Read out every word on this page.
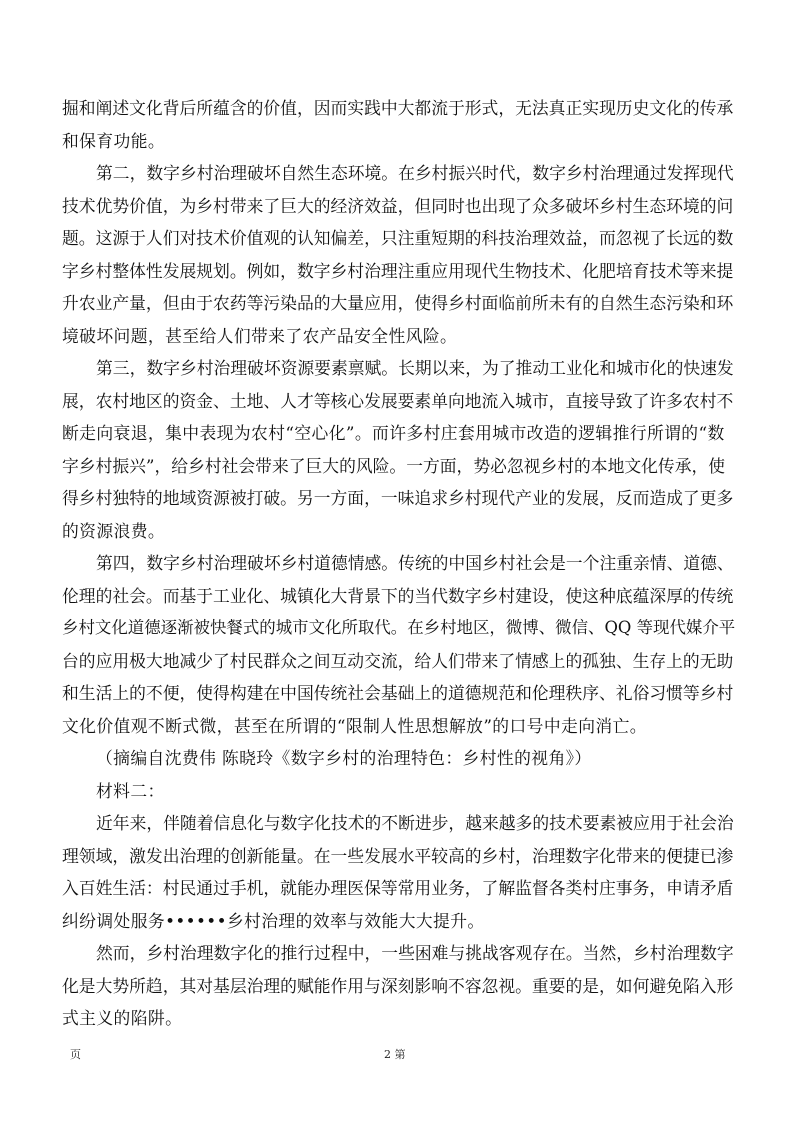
掘和阐述文化背后所蕴含的价值，因而实践中大都流于形式，无法真正实现历史文化的传承

和保育功能。

第二，数字乡村治理破坏自然生态环境。在乡村振兴时代，数字乡村治理通过发挥现代

技术优势价值，为乡村带来了巨大的经济效益，但同时也出现了众多破坏乡村生态环境的问

题。这源于人们对技术价值观的认知偏差，只注重短期的科技治理效益，而忽视了长远的数

字乡村整体性发展规划。例如，数字乡村治理注重应用现代生物技术、化肥培育技术等来提

升农业产量，但由于农药等污染品的大量应用，使得乡村面临前所未有的自然生态污染和环

境破坏问题，甚至给人们带来了农产品安全性风险。

第三，数字乡村治理破坏资源要素禀赋。长期以来，为了推动工业化和城市化的快速发

展，农村地区的资金、土地、人才等核心发展要素单向地流入城市，直接导致了许多农村不

断走向衰退，集中表现为农村“空心化”。而许多村庄套用城市改造的逻辑推行所谓的“数

字乡村振兴”，给乡村社会带来了巨大的风险。一方面，势必忽视乡村的本地文化传承，使

得乡村独特的地域资源被打破。另一方面，一味追求乡村现代产业的发展，反而造成了更多

的资源浪费。

第四，数字乡村治理破坏乡村道德情感。传统的中国乡村社会是一个注重亲情、道德、

伦理的社会。而基于工业化、城镇化大背景下的当代数字乡村建设，使这种底蕴深厚的传统

乡村文化道德逐渐被快餐式的城市文化所取代。在乡村地区，微博、微信、QQ 等现代媒介平

台的应用极大地减少了村民群众之间互动交流，给人们带来了情感上的孤独、生存上的无助

和生活上的不便，使得构建在中国传统社会基础上的道德规范和伦理秩序、礼俗习惯等乡村

文化价值观不断式微，甚至在所谓的“限制人性思想解放”的口号中走向消亡。

（摘编自沈费伟 陈晓玲《数字乡村的治理特色：乡村性的视角》）

材料二：

近年来，伴随着信息化与数字化技术的不断进步，越来越多的技术要素被应用于社会治

理领域，激发出治理的创新能量。在一些发展水平较高的乡村，治理数字化带来的便捷已渗

入百姓生活：村民通过手机，就能办理医保等常用业务，了解监督各类村庄事务，申请矛盾

纠纷调处服务••••••乡村治理的效率与效能大大提升。

然而，乡村治理数字化的推行过程中，一些困难与挑战客观存在。当然，乡村治理数字

化是大势所趋，其对基层治理的赋能作用与深刻影响不容忽视。重要的是，如何避免陷入形

式主义的陷阱。

页	2 第
